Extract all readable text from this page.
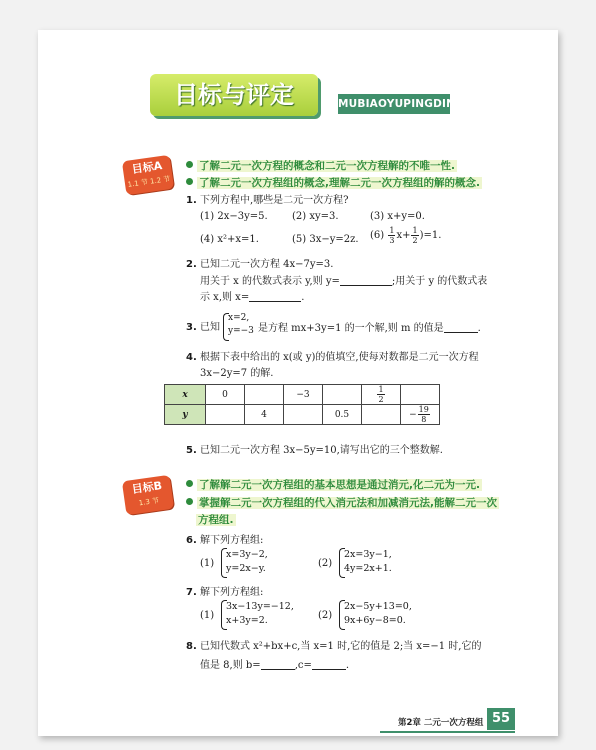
目标与评定	MUBIAOYUPINGDING
目标A
1.1 节 1.2 节
了解二元一次方程的概念和二元一次方程解的不唯一性.
了解二元一次方程组的概念,理解二元一次方程组的解的概念.
1. 下列方程中,哪些是二元一次方程?
(1) 2x−3y=5. (2) xy=3.	(3) x+y=0.
(4) x²+x=1.	(5) 3x−y=2z. $(6) \frac{1}{3} x+ \frac{1}{2} )=1$.
2. 已知二元一次方程 4x−7y=3.
用关于 x 的代数式表示 y,则 y=	;用关于 y 的代数式表
示 x,则 x=	.
3. 已知
x=2,
y=−3 是方程 mx+3y=1 的一个解,则 m 的值是	.
4. 根据下表中给出的 x(或 y)的值填空,使每对数都是二元一次方程
3x−2y=7 的解.
x	0		−3		$\frac{1}{2}$

y		4		0.5		− $\frac{19}{8}$
5. 已知二元一次方程 3x−5y=10,请写出它的三个整数解.
目标B
1.3 节
了解解二元一次方程组的基本思想是通过消元,化二元为一元.
掌握解二元一次方程组的代入消元法和加减消元法,能解二元一次
方程组.
6. 解下列方程组:
(1)
x=3y−2,
y=2x−y.	(2)
2x=3y−1,
4y=2x+1.
7. 解下列方程组:
(1)
3x−13y=−12,
x+3y=2.	(2)
2x−5y+13=0,
9x+6y−8=0.
8. 已知代数式 x²+bx+c,当 x=1 时,它的值是 2;当 x=−1 时,它的
值是 8,则 b=	,c=	.
第2章 二元一次方程组 55
